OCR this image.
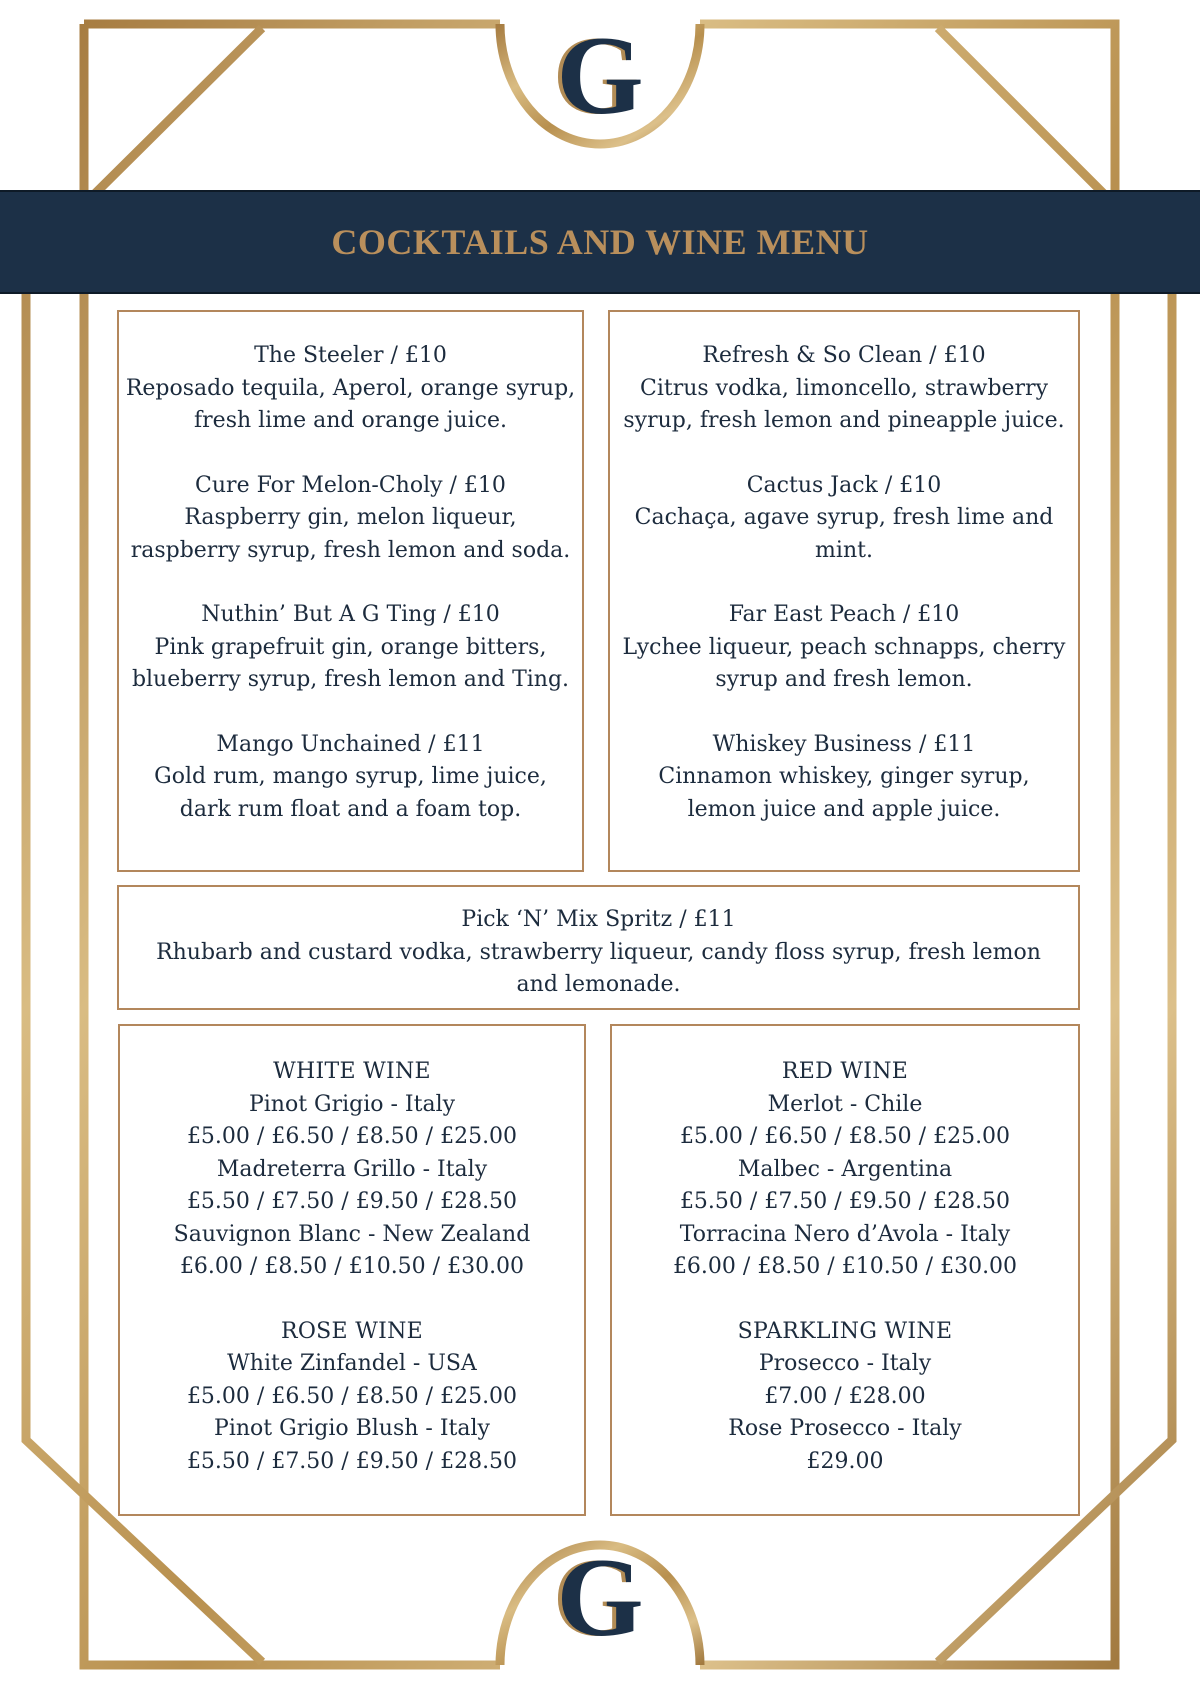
G
COCKTAILS AND WINE MENU

The Steeler / £10

Reposado tequila, Aperol, orange syrup,

fresh lime and orange juice.

Cure For Melon-Choly / £10

Raspberry gin, melon liqueur,

raspberry syrup, fresh lemon and soda.

Nuthin’ But A G Ting / £10

Pink grapefruit gin, orange bitters,

blueberry syrup, fresh lemon and Ting.

Mango Unchained / £11

Gold rum, mango syrup, lime juice,

dark rum float and a foam top.

Refresh & So Clean / £10

Citrus vodka, limoncello, strawberry

syrup, fresh lemon and pineapple juice.

Cactus Jack / £10

Cachaça, agave syrup, fresh lime and

mint.

Far East Peach / £10

Lychee liqueur, peach schnapps, cherry

syrup and fresh lemon.

Whiskey Business / £11

Cinnamon whiskey, ginger syrup,

lemon juice and apple juice.

Pick ‘N’ Mix Spritz / £11

Rhubarb and custard vodka, strawberry liqueur, candy floss syrup, fresh lemon

and lemonade.

WHITE WINE

Pinot Grigio - Italy

£5.00 / £6.50 / £8.50 / £25.00

Madreterra Grillo - Italy

£5.50 / £7.50 / £9.50 / £28.50

Sauvignon Blanc - New Zealand

£6.00 / £8.50 / £10.50 / £30.00

ROSE WINE

White Zinfandel - USA

£5.00 / £6.50 / £8.50 / £25.00

Pinot Grigio Blush - Italy

£5.50 / £7.50 / £9.50 / £28.50

RED WINE

Merlot - Chile

£5.00 / £6.50 / £8.50 / £25.00

Malbec - Argentina

£5.50 / £7.50 / £9.50 / £28.50

Torracina Nero d’Avola - Italy

£6.00 / £8.50 / £10.50 / £30.00

SPARKLING WINE

Prosecco - Italy

£7.00 / £28.00

Rose Prosecco - Italy

£29.00

G
